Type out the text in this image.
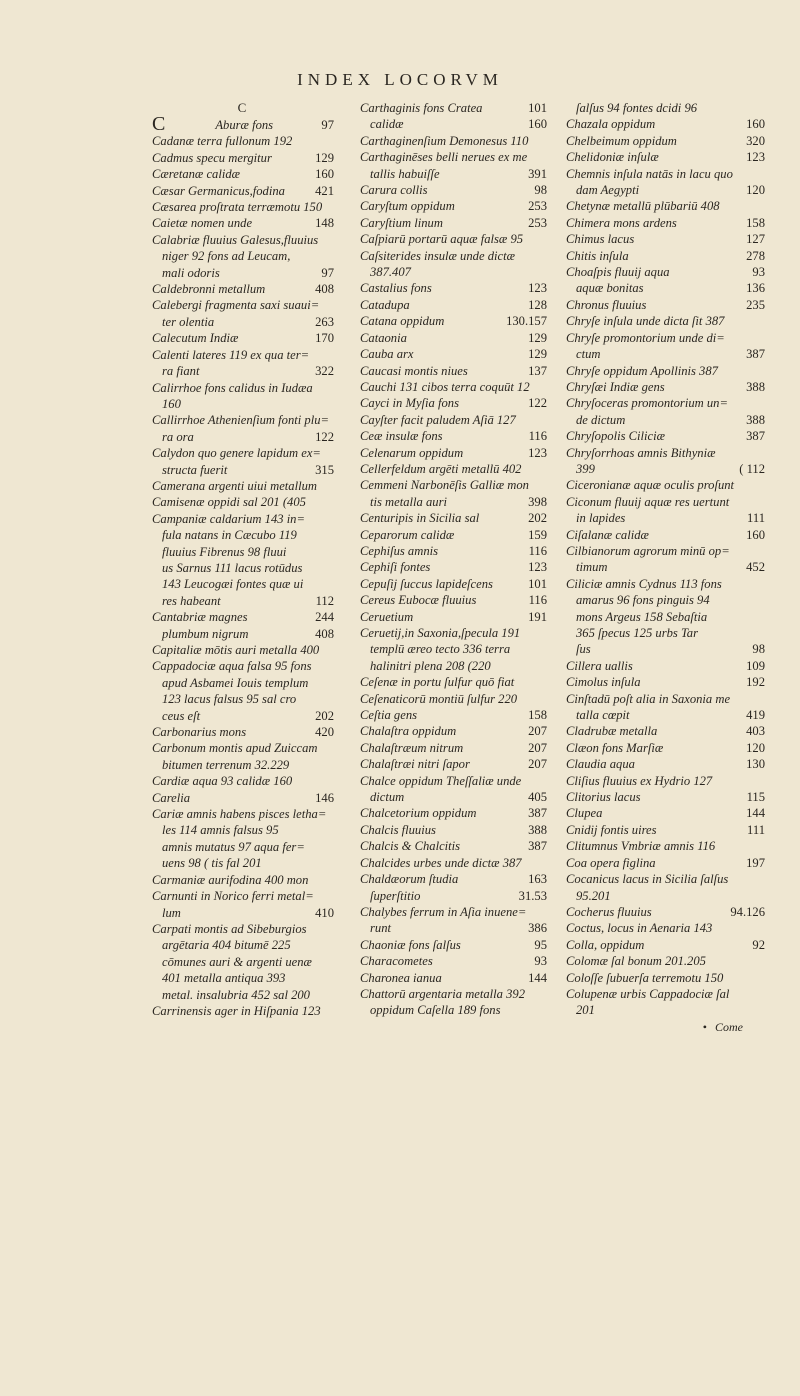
INDEX LOCORVM
C
C	Aburæ fons	97
Cadanæ terra fullonum 192
Cadmus specu mergitur	129
Cæretanæ calidæ	160
Cæsar Germanicus,fodina 421
Cæsarea proſtrata terræmotu 150
Caietæ nomen unde	148
Calabriæ fluuius Galesus,fluuius
niger 92 fons ad Leucam,
mali odoris	97
Caldebronni metallum	408
Calebergi fragmenta saxi suaui=
ter olentia	263
Calecutum Indiæ	170
Calenti lateres 119 ex qua ter=
ra fiant	322
Calirrhoe fons calidus in Iudæa
160
Callirrhoe Athenienſium fonti plu=
ra ora	122
Calydon quo genere lapidum ex=
structa fuerit	315
Camerana argenti uiui metallum
Camisenæ oppidi sal 201 (405
Campaniæ caldarium 143 in=
fula natans in Cæcubo 119
fluuius Fibrenus 98 fluui
us Sarnus 111 lacus rotūdus
143 Leucogæi fontes quæ ui
res habeant	112
Cantabriæ magnes	244
plumbum nigrum	408
Capitaliæ mōtis auri metalla 400
Cappadociæ aqua falsa 95 fons
apud Asbamei Iouis templum
123 lacus falsus 95 sal cro
ceus eſt	202
Carbonarius mons	420
Carbonum montis apud Zuiccam
bitumen terrenum 32.229
Cardiæ aqua 93 calidæ 160
Carelia	146
Cariæ amnis habens pisces letha=
les 114 amnis falsus 95
amnis mutatus 97 aqua fer=
uens 98 ( tis fal 201
Carmaniæ aurifodina 400 mon
Carnunti in Norico ferri metal=
lum	410
Carpati montis ad Sibeburgios
argētaria 404 bitumē 225
cōmunes auri & argenti uenæ
401 metalla antiqua 393
metal. insalubria 452 sal 200
Carrinensis ager in Hiſpania 123
Carthaginis fons Cratea	101
calidæ	160
Carthaginenſium Demonesus 110
Carthaginēses belli nerues ex me
tallis habuiſſe	391
Carura collis	98
Caryſtum oppidum	253
Caryſtium linum	253
Caſpiarū portarū aquæ falsæ 95
Caſsiterides insulæ unde dictæ
387.407
Castalius fons	123
Catadupa	128
Catana oppidum	130.157
Cataonia	129
Cauba arx	129
Caucasi montis niues	137
Cauchi 131 cibos terra coquūt 12
Cayci in Myſia fons	122
Cayſter facit paludem Aſiā 127
Ceæ insulæ fons	116
Celenarum oppidum	123
Cellerfeldum argēti metallū 402
Cemmeni Narbonēſis Galliæ mon
tis metalla auri	398
Centuripis in Sicilia sal	202
Ceparorum calidæ	159
Cephiſus amnis	116
Cephiſi fontes	123
Cepuſij ſuccus lapideſcens	101
Cereus Eubocæ fluuius	116
Ceruetium	191
Ceruetij,in Saxonia,ſpecula 191
templū æreo tecto 336 terra
halinitri plena 208 (220
Ceſenæ in portu ſulfur quō fiat
Ceſenaticorū montiū ſulfur 220
Ceſtia gens	158
Chalaſtra oppidum	207
Chalaſtræum nitrum	207
Chalaſtræi nitri ſapor	207
Chalce oppidum Theſſaliæ unde
dictum	405
Chalcetorium oppidum	387
Chalcis fluuius	388
Chalcis & Chalcitis	387
Chalcides urbes unde dictæ 387
Chaldæorum ſtudia	163
ſuperſtitio	31.53
Chalybes ferrum in Aſia inuene=
runt	386
Chaoniæ fons ſalſus	95
Characometes	93
Charonea ianua	144
Chattorū argentaria metalla 392
oppidum Caſella 189 fons
ſalſus 94 fontes dcidi 96
Chazala oppidum	160
Chelbeimum oppidum	320
Chelidoniæ inſulæ	123
Chemnis inſula natās in lacu quo
dam Aegypti	120
Chetynæ metallū plūbariū 408
Chimera mons ardens	158
Chimus lacus	127
Chitis inſula	278
Choaſpis fluuij aqua	93
aquæ bonitas	136
Chronus fluuius	235
Chryſe inſula unde dicta ſit 387
Chryſe promontorium unde di=
ctum	387
Chryſe oppidum Apollinis 387
Chryſæi Indiæ gens	388
Chryſoceras promontorium un=
de dictum	388
Chryſopolis Ciliciæ	387
Chryſorrhoas amnis Bithyniæ
399	( 112
Ciceronianæ aquæ oculis proſunt
Ciconum fluuij aquæ res uertunt
in lapides	111
Ciſalanæ calidæ	160
Cilbianorum agrorum minū op=
timum	452
Ciliciæ amnis Cydnus 113 fons
amarus 96 fons pinguis 94
mons Argeus 158 Sebaſtia
365 ſpecus 125 urbs Tar
ſus	98
Cillera uallis	109
Cimolus inſula	192
Cinſtadū poſt alia in Saxonia me
talla cœpit	419
Cladrubæ metalla	403
Clæon fons Marſiæ	120
Claudia aqua	130
Cliſius fluuius ex Hydrio 127
Clitorius lacus	115
Clupea	144
Cnidij fontis uires	111
Clitumnus Vmbriæ amnis 116
Coa opera figlina	197
Cocanicus lacus in Sicilia ſalſus
95.201
Cocherus fluuius	94.126
Coctus, locus in Aenaria 143
Colla, oppidum	92
Colomæ ſal bonum 201.205
Coloſſe ſubuerſa terremotu 150
Colupenæ urbis Cappadociæ ſal
201
• Come
